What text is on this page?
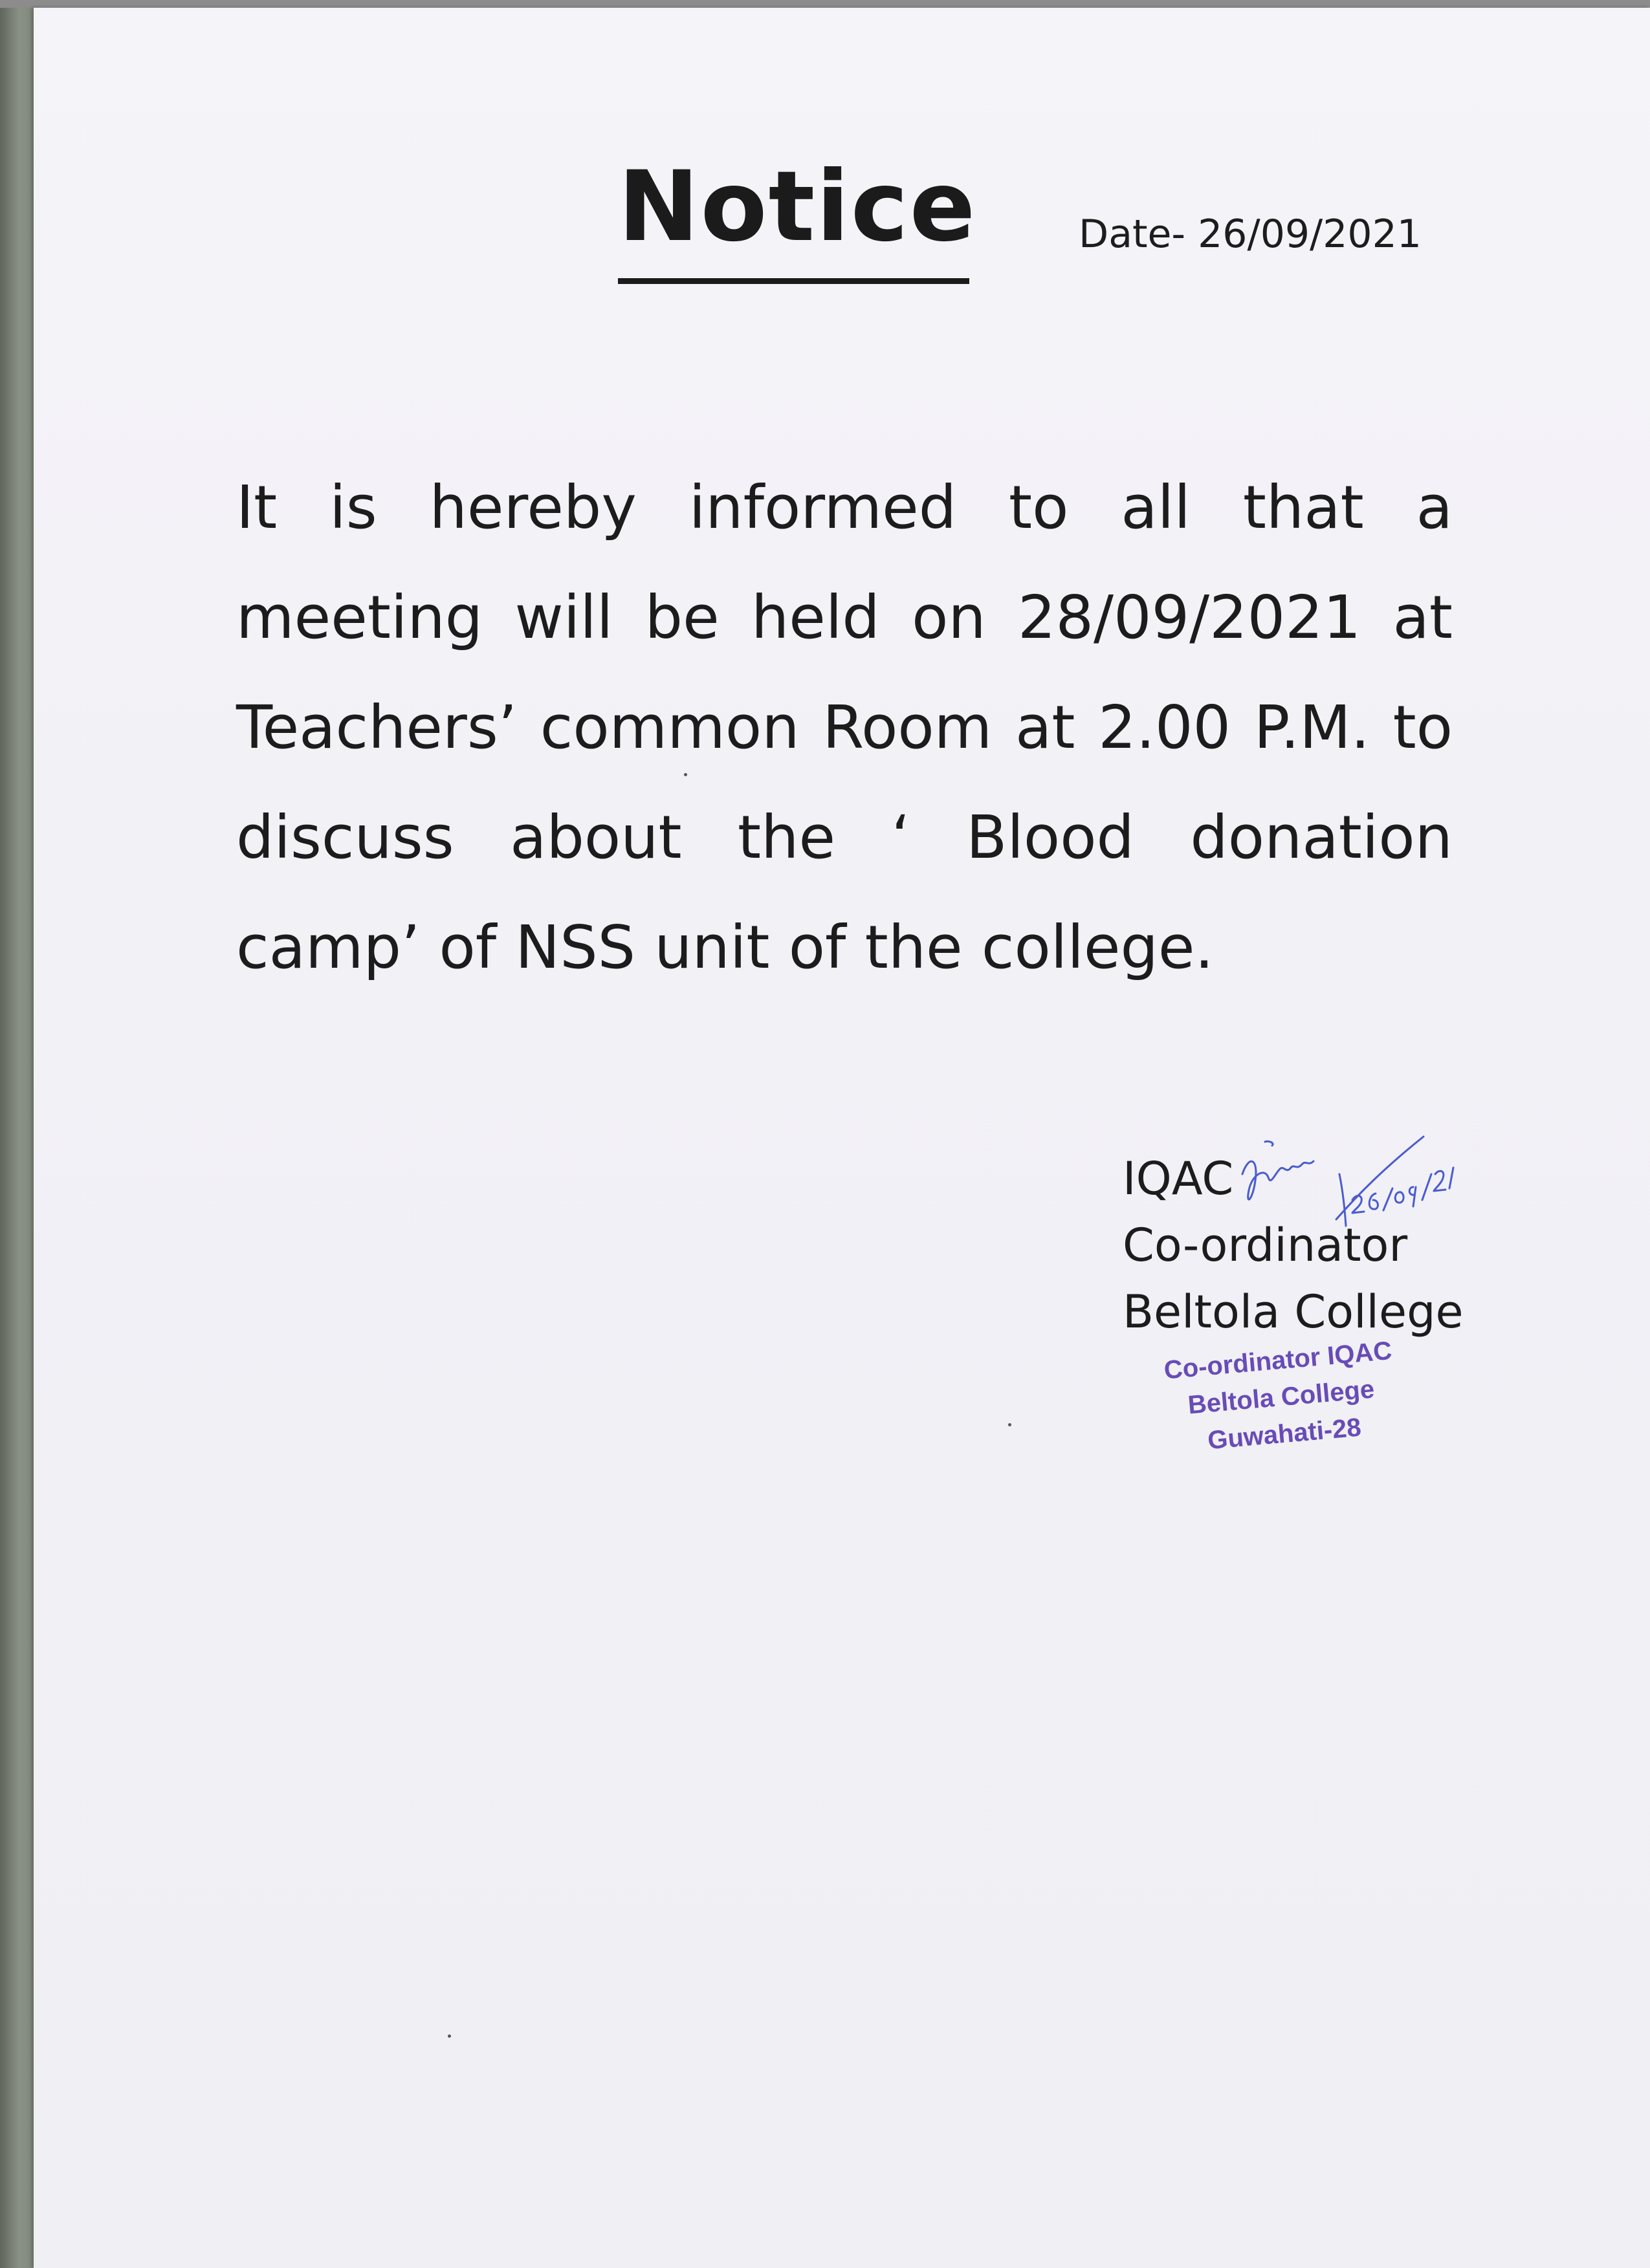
Notice	Date- 26/09/2021

It is hereby informed to all that a meeting will be held on 28/09/2021 at Teachers’ common Room at 2.00 P.M. to discuss about the ‘ Blood donation camp’ of NSS unit of the college.

IQAC
Co-ordinator
Beltola College
Co-ordinator IQAC
Beltola College
Guwahati-28
